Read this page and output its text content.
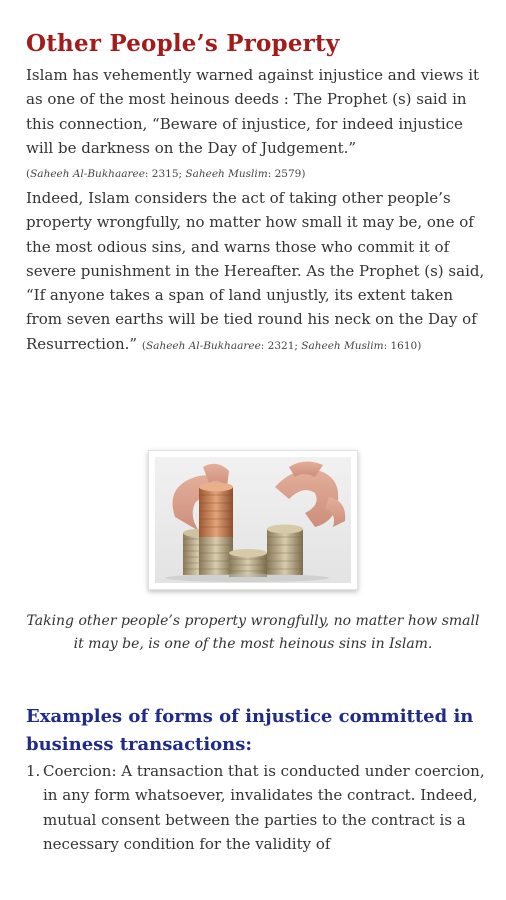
Other People’s Property

Islam has vehemently warned against injustice and views it as one of the most heinous deeds : The Prophet (s) said in this connection, “Beware of injustice, for indeed injustice will be darkness on the Day of Judgement.”
(Saheeh Al-Bukhaaree: 2315; Saheeh Muslim: 2579)

Indeed, Islam considers the act of taking other people’s property wrongfully, no matter how small it may be, one of the most odious sins, and warns those who commit it of severe punishment in the Hereafter. As the Prophet (s) said, “If anyone takes a span of land unjustly, its extent taken from seven earths will be tied round his neck on the Day of Resurrection.” (Saheeh Al-Bukhaaree: 2321; Saheeh Muslim: 1610)

Taking other people’s property wrongfully, no matter how small it may be, is one of the most heinous sins in Islam.

Examples of forms of injustice committed in business transactions:
1. Coercion: A transaction that is conducted under coercion, in any form whatsoever, invalidates the contract. Indeed, mutual consent between the parties to the contract is a necessary condition for the validity of
